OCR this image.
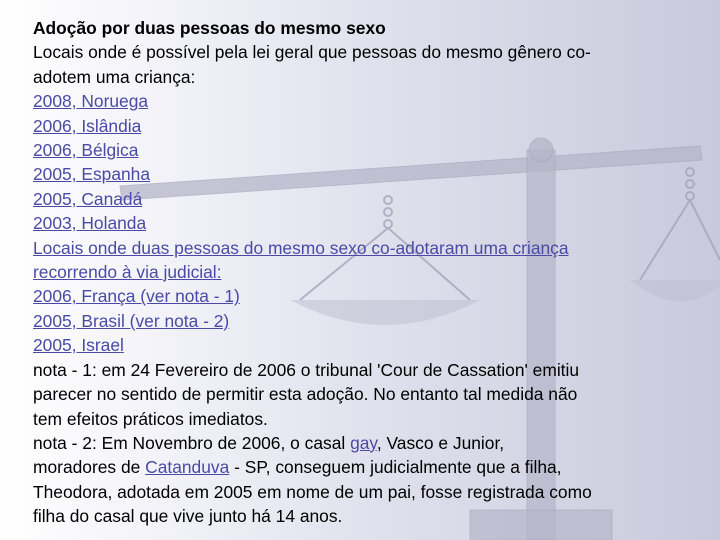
Adoção por duas pessoas do mesmo sexo
Locais onde é possível pela lei geral que pessoas do mesmo gênero co-
adotem uma criança:
2008, Noruega
2006, Islândia
2006, Bélgica
2005, Espanha
2005, Canadá
2003, Holanda
Locais onde duas pessoas do mesmo sexo co-adotaram uma criança
recorrendo à via judicial:
2006, França (ver nota - 1)
2005, Brasil (ver nota - 2)
2005, Israel
nota - 1: em 24 Fevereiro de 2006 o tribunal 'Cour de Cassation' emitiu
parecer no sentido de permitir esta adoção. No entanto tal medida não
tem efeitos práticos imediatos.
nota - 2: Em Novembro de 2006, o casal gay, Vasco e Junior,
moradores de Catanduva - SP, conseguem judicialmente que a filha,
Theodora, adotada em 2005 em nome de um pai, fosse registrada como
filha do casal que vive junto há 14 anos.
